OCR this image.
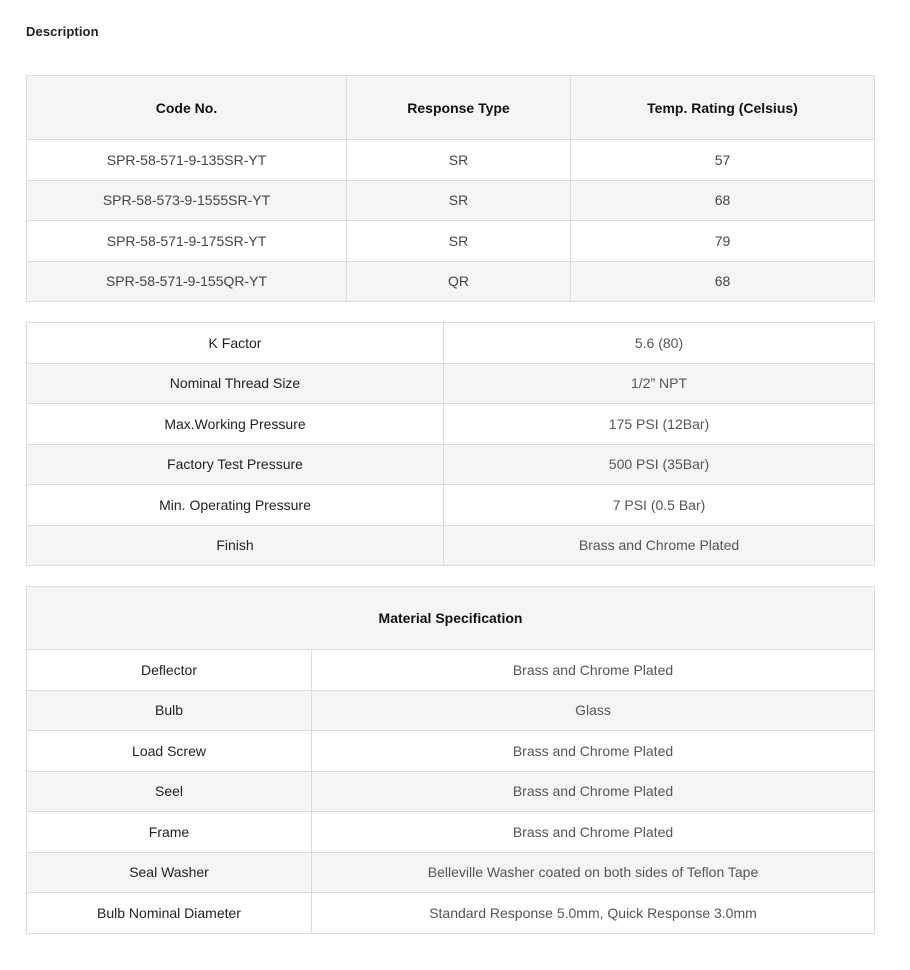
Description
Code No.	Response Type	Temp. Rating (Celsius)
SPR-58-571-9-135SR-YT	SR	57
SPR-58-573-9-1555SR-YT	SR	68
SPR-58-571-9-175SR-YT	SR	79
SPR-58-571-9-155QR-YT	QR	68
K Factor	5.6 (80)
Nominal Thread Size	1/2” NPT
Max.Working Pressure	175 PSI (12Bar)
Factory Test Pressure	500 PSI (35Bar)
Min. Operating Pressure	7 PSI (0.5 Bar)
Finish	Brass and Chrome Plated
Material Specification	
Deflector	Brass and Chrome Plated
Bulb	Glass
Load Screw	Brass and Chrome Plated
Seel	Brass and Chrome Plated
Frame	Brass and Chrome Plated
Seal Washer	Belleville Washer coated on both sides of Teflon Tape
Bulb Nominal Diameter	Standard Response 5.0mm, Quick Response 3.0mm
